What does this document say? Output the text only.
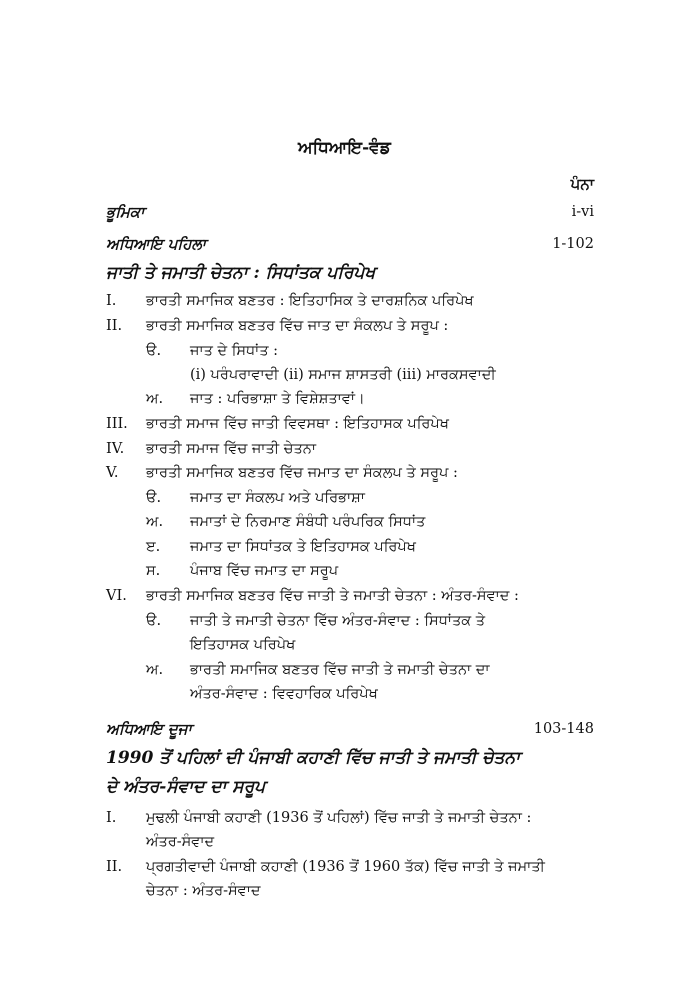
ਅਧਿਆਇ-ਵੰਡ
ਪੰਨਾ
ਭੂਮਿਕਾ	i-vi
ਅਧਿਆਇ ਪਹਿਲਾ	1-102
ਜਾਤੀ ਤੇ ਜਮਾਤੀ ਚੇਤਨਾ : ਸਿਧਾਂਤਕ ਪਰਿਪੇਖ
I. ਭਾਰਤੀ ਸਮਾਜਿਕ ਬਣਤਰ : ਇਤਿਹਾਸਿਕ ਤੇ ਦਾਰਸ਼ਨਿਕ ਪਰਿਪੇਖ
II. ਭਾਰਤੀ ਸਮਾਜਿਕ ਬਣਤਰ ਵਿੱਚ ਜਾਤ ਦਾ ਸੰਕਲਪ ਤੇ ਸਰੂਪ :
ੳ. ਜਾਤ ਦੇ ਸਿਧਾਂਤ :
(i) ਪਰੰਪਰਾਵਾਦੀ (ii) ਸਮਾਜ ਸ਼ਾਸਤਰੀ (iii) ਮਾਰਕਸਵਾਦੀ
ਅ. ਜਾਤ : ਪਰਿਭਾਸ਼ਾ ਤੇ ਵਿਸ਼ੇਸ਼ਤਾਵਾਂ।
III. ਭਾਰਤੀ ਸਮਾਜ ਵਿੱਚ ਜਾਤੀ ਵਿਵਸਥਾ : ਇਤਿਹਾਸਕ ਪਰਿਪੇਖ
IV. ਭਾਰਤੀ ਸਮਾਜ ਵਿੱਚ ਜਾਤੀ ਚੇਤਨਾ
V. ਭਾਰਤੀ ਸਮਾਜਿਕ ਬਣਤਰ ਵਿੱਚ ਜਮਾਤ ਦਾ ਸੰਕਲਪ ਤੇ ਸਰੂਪ :
ੳ. ਜਮਾਤ ਦਾ ਸੰਕਲਪ ਅਤੇ ਪਰਿਭਾਸ਼ਾ
ਅ. ਜਮਾਤਾਂ ਦੇ ਨਿਰਮਾਣ ਸੰਬੰਧੀ ਪਰੰਪਰਿਕ ਸਿਧਾਂਤ
ੲ. ਜਮਾਤ ਦਾ ਸਿਧਾਂਤਕ ਤੇ ਇਤਿਹਾਸਕ ਪਰਿਪੇਖ
ਸ. ਪੰਜਾਬ ਵਿੱਚ ਜਮਾਤ ਦਾ ਸਰੂਪ
VI. ਭਾਰਤੀ ਸਮਾਜਿਕ ਬਣਤਰ ਵਿੱਚ ਜਾਤੀ ਤੇ ਜਮਾਤੀ ਚੇਤਨਾ : ਅੰਤਰ-ਸੰਵਾਦ :
ੳ. ਜਾਤੀ ਤੇ ਜਮਾਤੀ ਚੇਤਨਾ ਵਿੱਚ ਅੰਤਰ-ਸੰਵਾਦ : ਸਿਧਾਂਤਕ ਤੇ
ਇਤਿਹਾਸਕ ਪਰਿਪੇਖ
ਅ. ਭਾਰਤੀ ਸਮਾਜਿਕ ਬਣਤਰ ਵਿੱਚ ਜਾਤੀ ਤੇ ਜਮਾਤੀ ਚੇਤਨਾ ਦਾ
ਅੰਤਰ-ਸੰਵਾਦ : ਵਿਵਹਾਰਿਕ ਪਰਿਪੇਖ
ਅਧਿਆਇ ਦੂਜਾ	103-148
1990 ਤੋਂ ਪਹਿਲਾਂ ਦੀ ਪੰਜਾਬੀ ਕਹਾਣੀ ਵਿੱਚ ਜਾਤੀ ਤੇ ਜਮਾਤੀ ਚੇਤਨਾ
ਦੇ ਅੰਤਰ-ਸੰਵਾਦ ਦਾ ਸਰੂਪ
I. ਮੁਢਲੀ ਪੰਜਾਬੀ ਕਹਾਣੀ (1936 ਤੋਂ ਪਹਿਲਾਂ) ਵਿੱਚ ਜਾਤੀ ਤੇ ਜਮਾਤੀ ਚੇਤਨਾ :
ਅੰਤਰ-ਸੰਵਾਦ
II. ਪ੍ਰਗਤੀਵਾਦੀ ਪੰਜਾਬੀ ਕਹਾਣੀ (1936 ਤੋਂ 1960 ਤੱਕ) ਵਿੱਚ ਜਾਤੀ ਤੇ ਜਮਾਤੀ
ਚੇਤਨਾ : ਅੰਤਰ-ਸੰਵਾਦ
